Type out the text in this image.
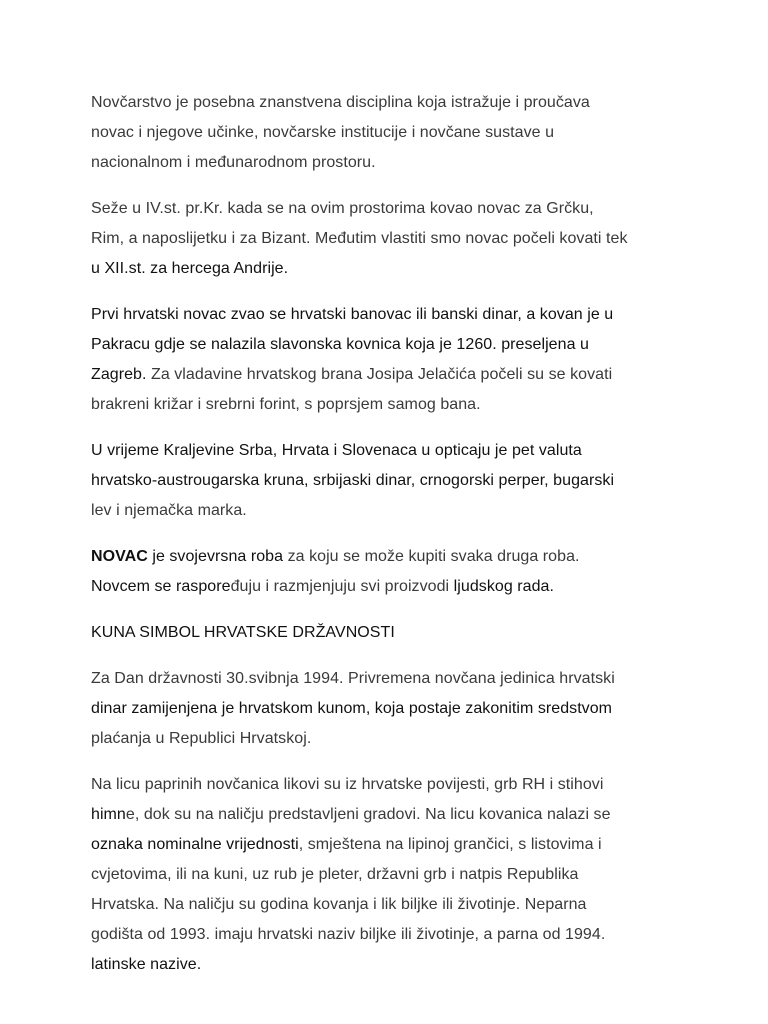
Novčarstvo je posebna znanstvena disciplina koja istražuje i proučava
novac i njegove učinke, novčarske institucije i novčane sustave u
nacionalnom i međunarodnom prostoru.
Seže u IV.st. pr.Kr. kada se na ovim prostorima kovao novac za Grčku,
Rim, a naposlijetku i za Bizant. Međutim vlastiti smo novac počeli kovati tek
u XII.st. za hercega Andrije.
Prvi hrvatski novac zvao se hrvatski banovac ili banski dinar, a kovan je u
Pakracu gdje se nalazila slavonska kovnica koja je 1260. preseljena u
Zagreb. Za vladavine hrvatskog brana Josipa Jelačića počeli su se kovati
brakreni križar i srebrni forint, s poprsjem samog bana.
U vrijeme Kraljevine Srba, Hrvata i Slovenaca u opticaju je pet valuta
hrvatsko-austrougarska kruna, srbijaski dinar, crnogorski perper, bugarski
lev i njemačka marka.
NOVAC je svojevrsna roba za koju se može kupiti svaka druga roba.
Novcem se raspoređuju i razmjenjuju svi proizvodi ljudskog rada.
KUNA SIMBOL HRVATSKE DRŽAVNOSTI
Za Dan državnosti 30.svibnja 1994. Privremena novčana jedinica hrvatski
dinar zamijenjena je hrvatskom kunom, koja postaje zakonitim sredstvom
plaćanja u Republici Hrvatskoj.
Na licu paprinih novčanica likovi su iz hrvatske povijesti, grb RH i stihovi
himne, dok su na naličju predstavljeni gradovi. Na licu kovanica nalazi se
oznaka nominalne vrijednosti, smještena na lipinoj grančici, s listovima i
cvjetovima, ili na kuni, uz rub je pleter, državni grb i natpis Republika
Hrvatska. Na naličju su godina kovanja i lik biljke ili životinje. Neparna
godišta od 1993. imaju hrvatski naziv biljke ili životinje, a parna od 1994.
latinske nazive.
